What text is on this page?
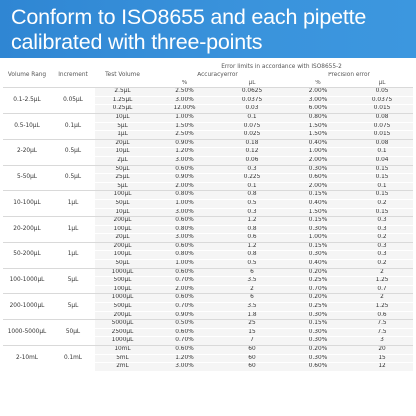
Conform to ISO8655 and each pipette
calibrated with three-points
Volume Rang	Increment	Test Volume	Error limits in accordance with ISO8655-2			
			Accuracyerror		Precision error	
			%	μL	%	μL
0.1-2.5μL	0.05μL	2.5μL	2.50%	0.0625	2.00%	0.05
		1.25μL	3.00%	0.0375	3.00%	0.0375
		0.25μL	12.00%	0.03	6.00%	0.015
0.5-10μL	0.1μL	10μL	1.00%	0.1	0.80%	0.08
		5μL	1.50%	0.075	1.50%	0.075
		1μL	2.50%	0.025	1.50%	0.015
2-20μL	0.5μL	20μL	0.90%	0.18	0.40%	0.08
		10μL	1.20%	0.12	1.00%	0.1
		2μL	3.00%	0.06	2.00%	0.04
5-50μL	0.5μL	50μL	0.60%	0.3	0.30%	0.15
		25μL	0.90%	0.225	0.60%	0.15
		5μL	2.00%	0.1	2.00%	0.1
10-100μL	1μL	100μL	0.80%	0.8	0.15%	0.15
		50μL	1.00%	0.5	0.40%	0.2
		10μL	3.00%	0.3	1.50%	0.15
20-200μL	1μL	200μL	0.60%	1.2	0.15%	0.3
		100μL	0.80%	0.8	0.30%	0.3
		20μL	3.00%	0.6	1.00%	0.2
50-200μL	1μL	200μL	0.60%	1.2	0.15%	0.3
		100μL	0.80%	0.8	0.30%	0.3
		50μL	1.00%	0.5	0.40%	0.2
100-1000μL	5μL	1000μL	0.60%	6	0.20%	2
		500μL	0.70%	3.5	0.25%	1.25
		100μL	2.00%	2	0.70%	0.7
200-1000μL	5μL	1000μL	0.60%	6	0.20%	2
		500μL	0.70%	3.5	0.25%	1.25
		200μL	0.90%	1.8	0.30%	0.6
1000-5000μL	50μL	5000μL	0.50%	25	0.15%	7.5
		2500μL	0.60%	15	0.30%	7.5
		1000μL	0.70%	7	0.30%	3
2-10mL	0.1mL	10mL	0.60%	60	0.20%	20
		5mL	1.20%	60	0.30%	15
		2mL	3.00%	60	0.60%	12
